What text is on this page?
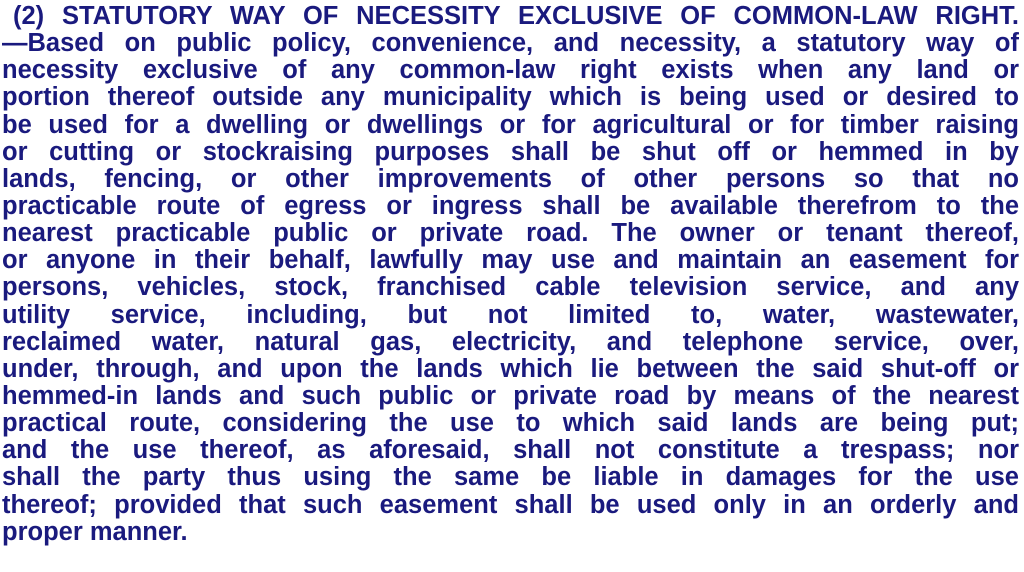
(2) STATUTORY WAY OF NECESSITY EXCLUSIVE OF COMMON-LAW RIGHT.
—Based on public policy, convenience, and necessity, a statutory way of
necessity exclusive of any common-law right exists when any land or
portion thereof outside any municipality which is being used or desired to
be used for a dwelling or dwellings or for agricultural or for timber raising
or cutting or stockraising purposes shall be shut off or hemmed in by
lands, fencing, or other improvements of other persons so that no
practicable route of egress or ingress shall be available therefrom to the
nearest practicable public or private road. The owner or tenant thereof,
or anyone in their behalf, lawfully may use and maintain an easement for
persons, vehicles, stock, franchised cable television service, and any
utility service, including, but not limited to, water, wastewater,
reclaimed water, natural gas, electricity, and telephone service, over,
under, through, and upon the lands which lie between the said shut-off or
hemmed-in lands and such public or private road by means of the nearest
practical route, considering the use to which said lands are being put;
and the use thereof, as aforesaid, shall not constitute a trespass; nor
shall the party thus using the same be liable in damages for the use
thereof; provided that such easement shall be used only in an orderly and
proper manner.
